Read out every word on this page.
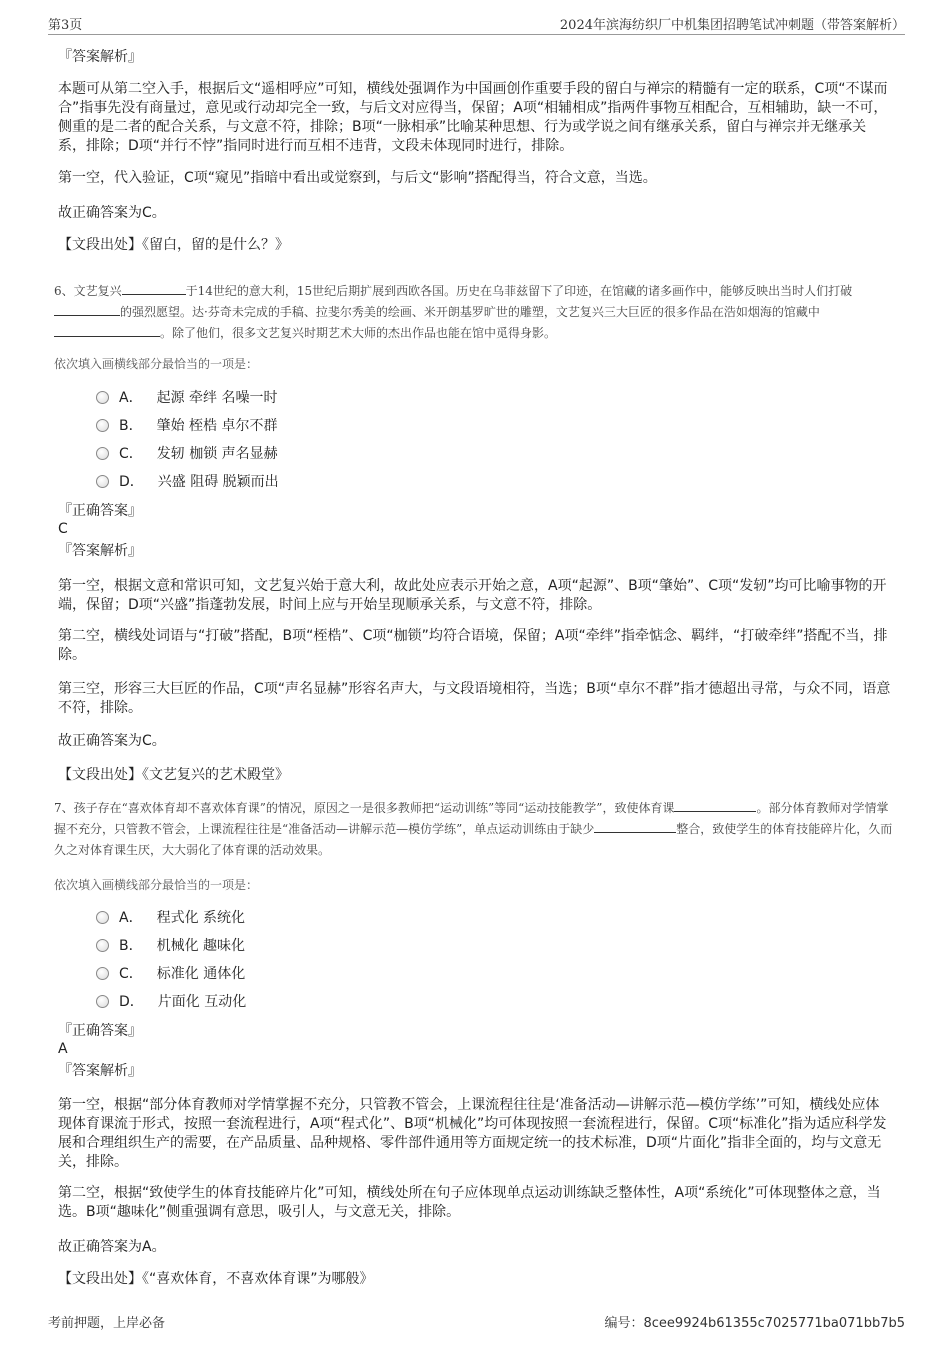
第3页	2024年滨海纺织厂中机集团招聘笔试冲刺题（带答案解析）
『答案解析』

本题可从第二空入手，根据后文“遥相呼应”可知，横线处强调作为中国画创作重要手段的留白与禅宗的精髓有一定的联系，C项“不谋而合”指事先没有商量过，意见或行动却完全一致，与后文对应得当，保留；A项“相辅相成”指两件事物互相配合，互相辅助，缺一不可，侧重的是二者的配合关系，与文意不符，排除；B项“一脉相承”比喻某种思想、行为或学说之间有继承关系，留白与禅宗并无继承关系，排除；D项“并行不悖”指同时进行而互相不违背，文段未体现同时进行，排除。

第一空，代入验证，C项“窥见”指暗中看出或觉察到，与后文“影响”搭配得当，符合文意，当选。

故正确答案为C。

【文段出处】《留白，留的是什么？》

6、文艺复兴	于14世纪的意大利，15世纪后期扩展到西欧各国。历史在乌菲兹留下了印迹，在馆藏的诸多画作中，能够反映出当时人们打破的强烈愿望。达·芬奇未完成的手稿、拉斐尔秀美的绘画、米开朗基罗旷世的雕塑，文艺复兴三大巨匠的很多作品在浩如烟海的馆藏中。除了他们，很多文艺复兴时期艺术大师的杰出作品也能在馆中觅得身影。

依次填入画横线部分最恰当的一项是：
A． 起源 牵绊 名噪一时
B． 肇始 桎梏 卓尔不群
C． 发轫 枷锁 声名显赫
D． 兴盛 阻碍 脱颖而出
『正确答案』
C
『答案解析』

第一空，根据文意和常识可知，文艺复兴始于意大利，故此处应表示开始之意，A项“起源”、B项“肇始”、C项“发轫”均可比喻事物的开端，保留；D项“兴盛”指蓬勃发展，时间上应与开始呈现顺承关系，与文意不符，排除。

第二空，横线处词语与“打破”搭配，B项“桎梏”、C项“枷锁”均符合语境，保留；A项“牵绊”指牵惦念、羁绊，“打破牵绊”搭配不当，排除。

第三空，形容三大巨匠的作品，C项“声名显赫”形容名声大，与文段语境相符，当选；B项“卓尔不群”指才德超出寻常，与众不同，语意不符，排除。

故正确答案为C。

【文段出处】《文艺复兴的艺术殿堂》

7、孩子存在“喜欢体育却不喜欢体育课”的情况，原因之一是很多教师把“运动训练”等同“运动技能教学”，致使体育课	。部分体育教师对学情掌握不充分，只管教不管会，上课流程往往是“准备活动—讲解示范—模仿学练”，单点运动训练由于缺少	整合，致使学生的体育技能碎片化，久而久之对体育课生厌，大大弱化了体育课的活动效果。

依次填入画横线部分最恰当的一项是：
A． 程式化 系统化
B． 机械化 趣味化
C． 标准化 通体化
D． 片面化 互动化
『正确答案』
A
『答案解析』

第一空，根据“部分体育教师对学情掌握不充分，只管教不管会，上课流程往往是‘准备活动—讲解示范—模仿学练’”可知，横线处应体现体育课流于形式，按照一套流程进行，A项“程式化”、B项“机械化”均可体现按照一套流程进行，保留。C项“标准化”指为适应科学发展和合理组织生产的需要，在产品质量、品种规格、零件部件通用等方面规定统一的技术标准，D项“片面化”指非全面的，均与文意无关，排除。

第二空，根据“致使学生的体育技能碎片化”可知，横线处所在句子应体现单点运动训练缺乏整体性，A项“系统化”可体现整体之意，当选。B项“趣味化”侧重强调有意思，吸引人，与文意无关，排除。

故正确答案为A。

【文段出处】《“喜欢体育，不喜欢体育课”为哪般》

考前押题，上岸必备	编号：8cee9924b61355c7025771ba071bb7b5
